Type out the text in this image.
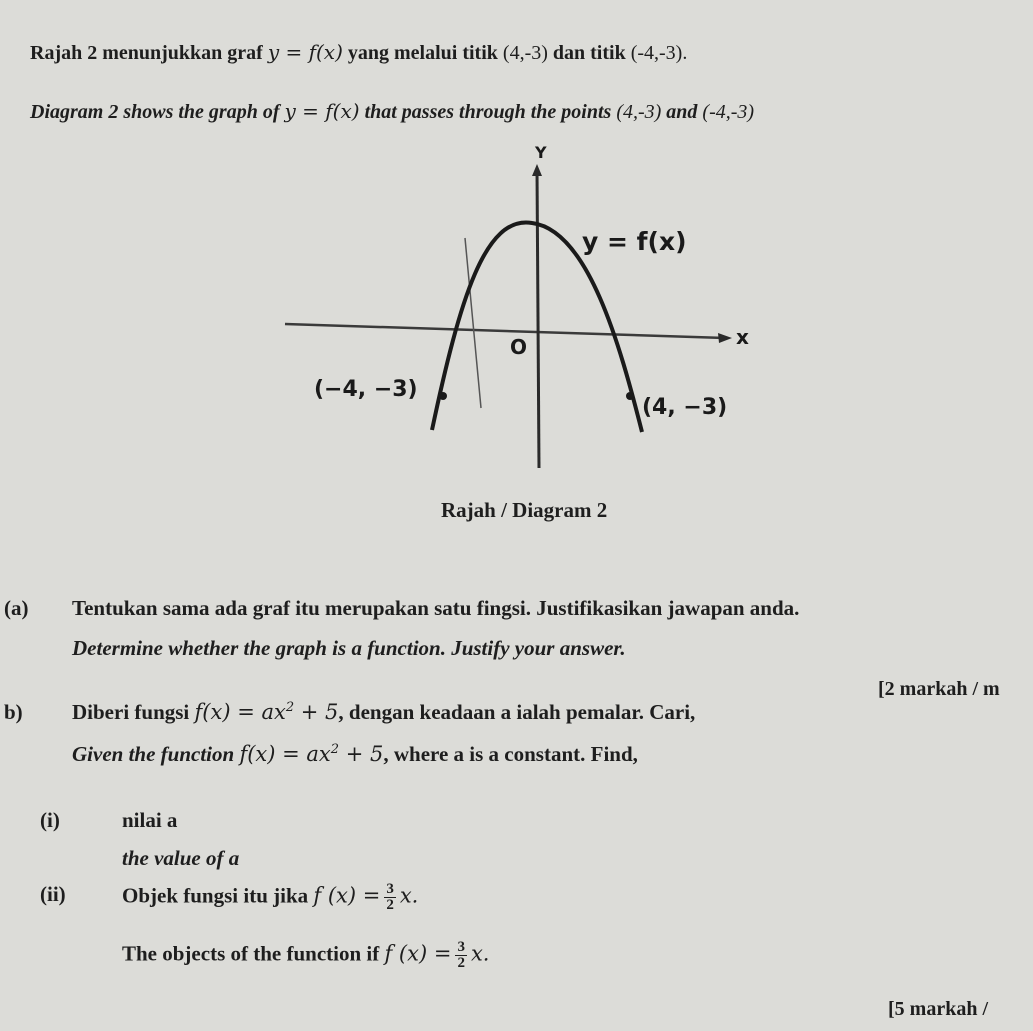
Rajah 2 menunjukkan graf y = f(x) yang melalui titik (4,-3) dan titik (-4,-3).
Diagram 2 shows the graph of y = f(x) that passes through the points (4,-3) and (-4,-3)
Y
x
O
y = f(x)
(−4, −3)
(4, −3)
Rajah / Diagram 2
(a) Tentukan sama ada graf itu merupakan satu fingsi. Justifikasikan jawapan anda.
Determine whether the graph is a function. Justify your answer.
[2 markah / m
b) Diberi fungsi $f(x) = ax^2 + 5$, dengan keadaan a ialah pemalar. Cari,
Given the function $f(x) = ax^2 + 5$, where a is a constant. Find,
(i)	nilai a
the value of a
(ii)	Objek fungsi itu jika f $(x) = \frac{3}{2} x$.
The objects of the function if f $(x) = \frac{3}{2} x$.
[5 markah /
